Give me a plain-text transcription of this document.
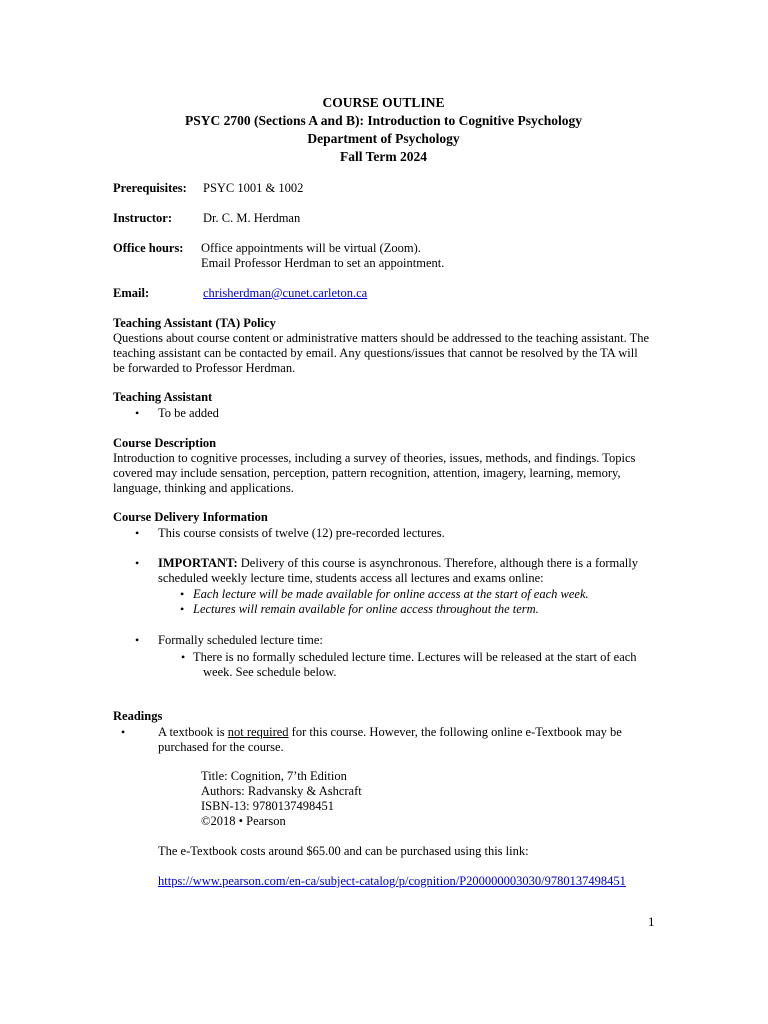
COURSE OUTLINE
PSYC 2700 (Sections A and B): Introduction to Cognitive Psychology
Department of Psychology
Fall Term 2024
Prerequisites: PSYC 1001 & 1002
Instructor: Dr. C. M. Herdman
Office hours: Office appointments will be virtual (Zoom).
Email Professor Herdman to set an appointment.
Email:	chrisherdman@cunet.carleton.ca
Teaching Assistant (TA) Policy
Questions about course content or administrative matters should be addressed to the teaching assistant. The
teaching assistant can be contacted by email. Any questions/issues that cannot be resolved by the TA will
be forwarded to Professor Herdman.
Teaching Assistant
• To be added
Course Description
Introduction to cognitive processes, including a survey of theories, issues, methods, and findings. Topics
covered may include sensation, perception, pattern recognition, attention, imagery, learning, memory,
language, thinking and applications.
Course Delivery Information
• This course consists of twelve (12) pre-recorded lectures.
• IMPORTANT: Delivery of this course is asynchronous. Therefore, although there is a formally
scheduled weekly lecture time, students access all lectures and exams online:
• Each lecture will be made available for online access at the start of each week.
• Lectures will remain available for online access throughout the term.
• Formally scheduled lecture time:
• There is no formally scheduled lecture time. Lectures will be released at the start of each
week. See schedule below.
Readings
•	A textbook is not required for this course. However, the following online e-Textbook may be
purchased for the course.
Title: Cognition, 7’th Edition
Authors: Radvansky & Ashcraft
ISBN-13: 9780137498451
©2018 • Pearson
The e-Textbook costs around $65.00 and can be purchased using this link:
https://www.pearson.com/en-ca/subject-catalog/p/cognition/P200000003030/9780137498451
1
